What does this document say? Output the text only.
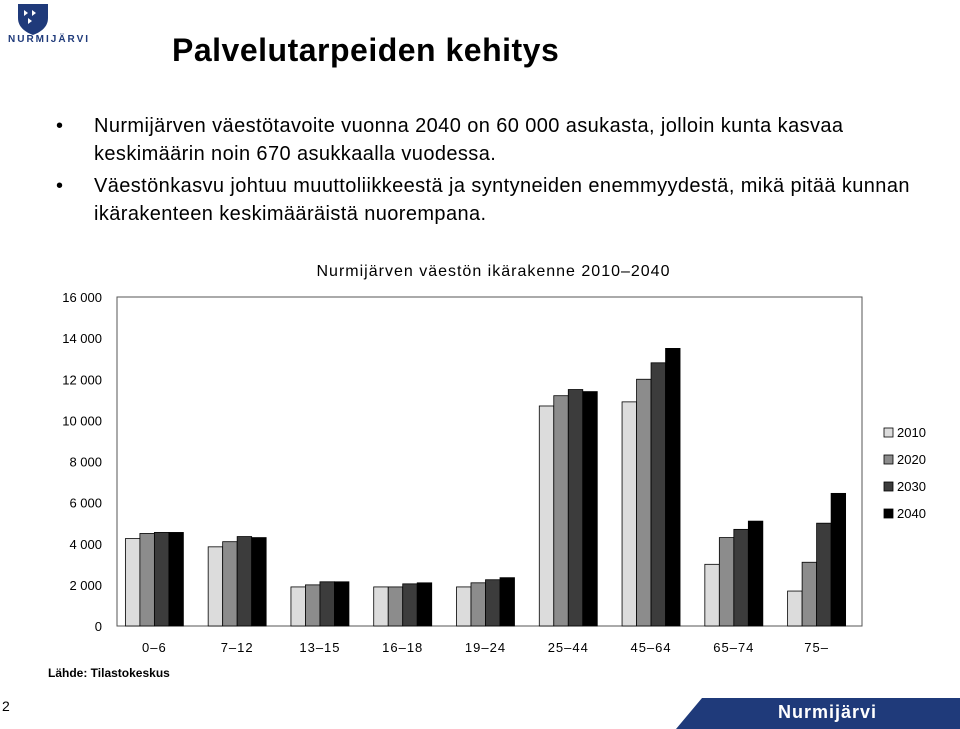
NURMIJÄRVI	Palvelutarpeiden kehitys
• Nurmijärven väestötavoite vuonna 2040 on 60 000 asukasta, jolloin kunta kasvaa keskimäärin noin 670 asukkaalla vuodessa.
• Väestönkasvu johtuu muuttoliikkeestä ja syntyneiden enemmyydestä, mikä pitää kunnan ikärakenteen keskimääräistä nuorempana.
Nurmijärven väestön ikärakenne 2010–2040
0
2 000
4 000
6 000
8 000
10 000
12 000
14 000
16 000
0–6	7–12	13–15	16–18	19–24	25–44	45–64	65–74	75–
2010
2020
2030
2040
Lähde: Tilastokeskus
2	Nurmijärvi
